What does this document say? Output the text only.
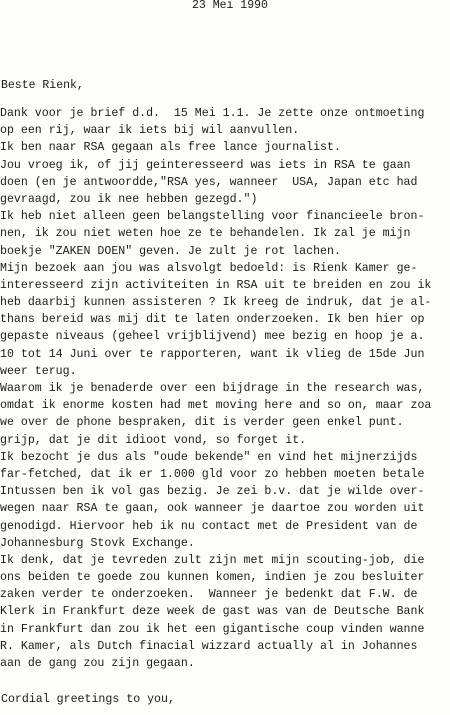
23 Mei 1990
Beste Rienk,
Dank voor je brief d.d.  15 Mei 1.1. Je zette onze ontmoeting
op een rij, waar ik iets bij wil aanvullen.
Ik ben naar RSA gegaan als free lance journalist.
Jou vroeg ik, of jij geinteresseerd was iets in RSA te gaan
doen (en je antwoordde,"RSA yes, wanneer  USA, Japan etc had
gevraagd, zou ik nee hebben gezegd.")
Ik heb niet alleen geen belangstelling voor financieele bron-
nen, ik zou niet weten hoe ze te behandelen. Ik zal je mijn
boekje "ZAKEN DOEN" geven. Je zult je rot lachen.
Mijn bezoek aan jou was alsvolgt bedoeld: is Rienk Kamer ge-
interesseerd zijn activiteiten in RSA uit te breiden en zou ik
heb daarbij kunnen assisteren ? Ik kreeg de indruk, dat je al-
thans bereid was mij dit te laten onderzoeken. Ik ben hier op
gepaste niveaus (geheel vrijblijvend) mee bezig en hoop je a.
10 tot 14 Juni over te rapporteren, want ik vlieg de 15de Jun
weer terug.
Waarom ik je benaderde over een bijdrage in the research was,
omdat ik enorme kosten had met moving here and so on, maar zoa
we over de phone bespraken, dit is verder geen enkel punt.
grijp, dat je dit idioot vond, so forget it.
Ik bezocht je dus als "oude bekende" en vind het mijnerzijds
far-fetched, dat ik er 1.000 gld voor zo hebben moeten betale
Intussen ben ik vol gas bezig. Je zei b.v. dat je wilde over-
wegen naar RSA te gaan, ook wanneer je daartoe zou worden uit
genodigd. Hiervoor heb ik nu contact met de President van de
Johannesburg Stovk Exchange.
Ik denk, dat je tevreden zult zijn met mijn scouting-job, die
ons beiden te goede zou kunnen komen, indien je zou besluiter
zaken verder te onderzoeken.  Wanneer je bedenkt dat F.W. de
Klerk in Frankfurt deze week de gast was van de Deutsche Bank
in Frankfurt dan zou ik het een gigantische coup vinden wanne
R. Kamer, als Dutch finacial wizzard actually al in Johannes
aan de gang zou zijn gegaan.
Cordial greetings to you,
